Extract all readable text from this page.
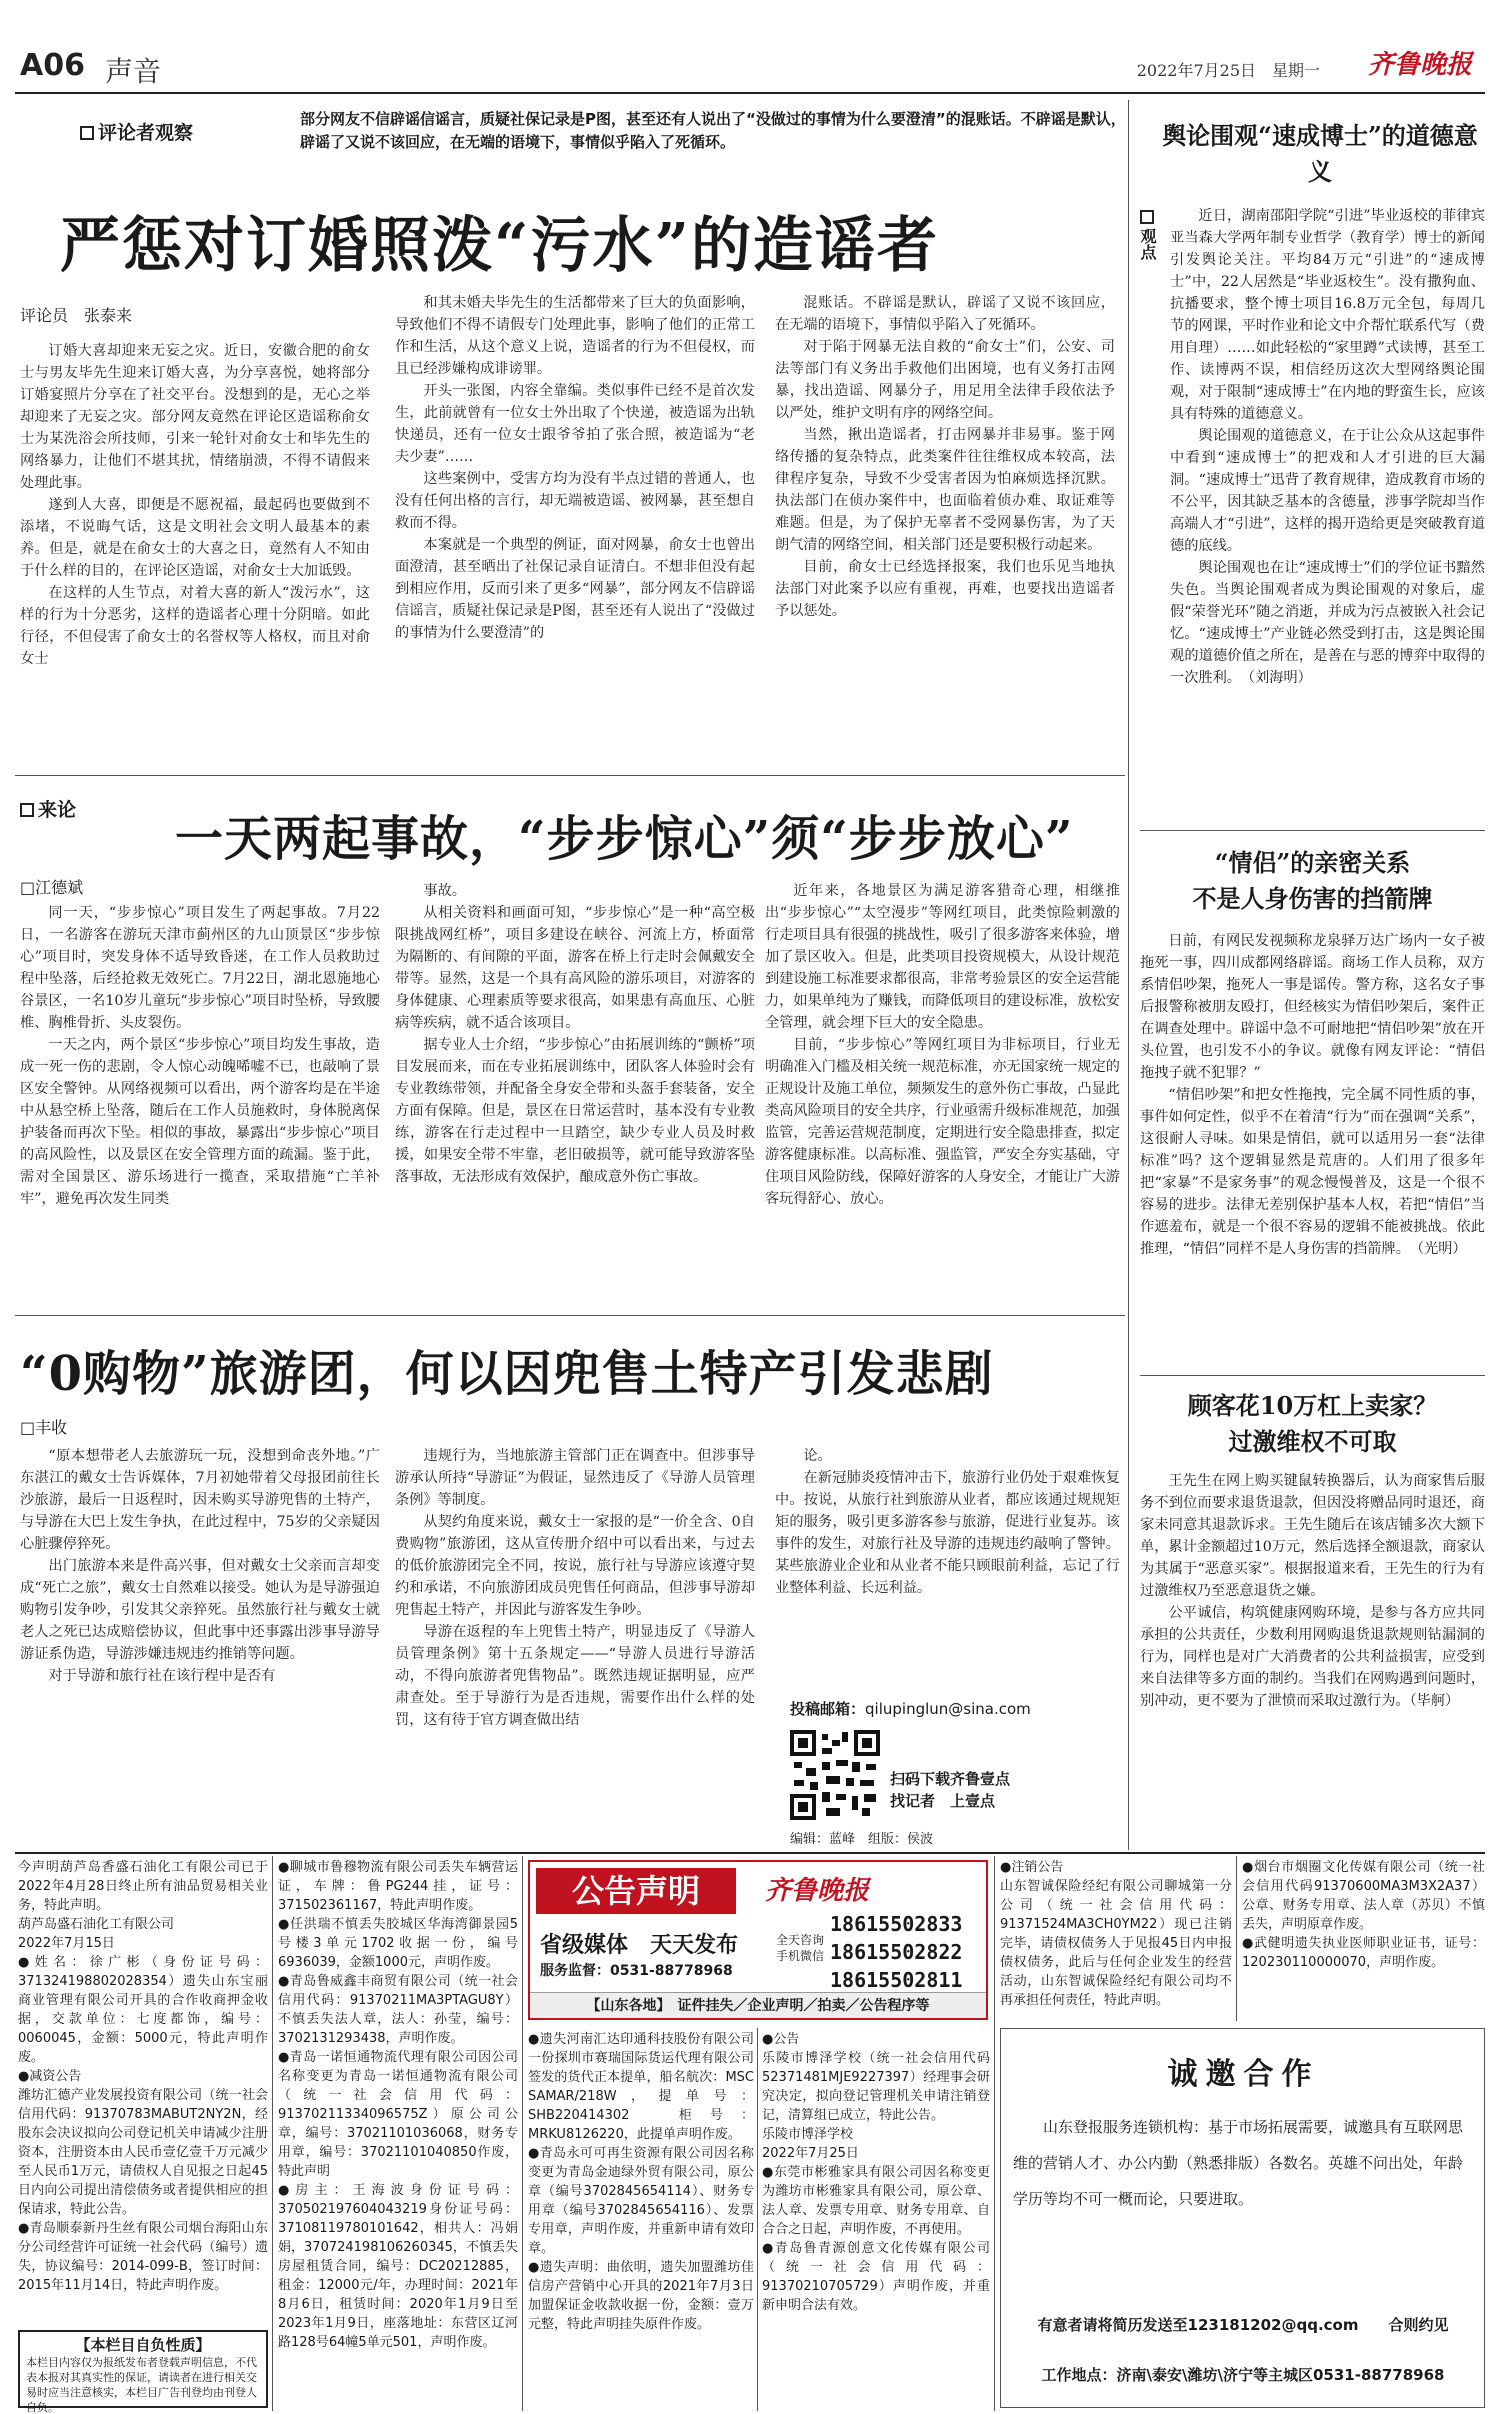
A06 声音	2022年7月25日　星期一 齐鲁晚报
评论者观察
部分网友不信辟谣信谣言，质疑社保记录是P图，甚至还有人说出了“没做过的事情为什么要澄清”的混账话。不辟谣是默认，辟谣了又说不该回应，在无端的语境下，事情似乎陷入了死循环。
严惩对订婚照泼“污水”的造谣者
评论员　张泰来

订婚大喜却迎来无妄之灾。近日，安徽合肥的俞女士与男友毕先生迎来订婚大喜，为分享喜悦，她将部分订婚宴照片分享在了社交平台。没想到的是，无心之举却迎来了无妄之灾。部分网友竟然在评论区造谣称俞女士为某洗浴会所技师，引来一轮针对俞女士和毕先生的网络暴力，让他们不堪其扰，情绪崩溃，不得不请假来处理此事。

遂到人大喜，即便是不愿祝福，最起码也要做到不添堵，不说晦气话，这是文明社会文明人最基本的素养。但是，就是在俞女士的大喜之日，竟然有人不知由于什么样的目的，在评论区造谣，对俞女士大加诋毁。

在这样的人生节点，对着大喜的新人“泼污水”，这样的行为十分恶劣，这样的造谣者心理十分阴暗。如此行径，不但侵害了俞女士的名誉权等人格权，而且对俞女士

和其未婚夫毕先生的生活都带来了巨大的负面影响，导致他们不得不请假专门处理此事，影响了他们的正常工作和生活，从这个意义上说，造谣者的行为不但侵权，而且已经涉嫌构成诽谤罪。

开头一张图，内容全靠编。类似事件已经不是首次发生，此前就曾有一位女士外出取了个快递，被造谣为出轨快递员，还有一位女士跟爷爷拍了张合照，被造谣为“老夫少妻”……

这些案例中，受害方均为没有半点过错的普通人，也没有任何出格的言行，却无端被造谣、被网暴，甚至想自救而不得。

本案就是一个典型的例证，面对网暴，俞女士也曾出面澄清，甚至晒出了社保记录自证清白。不想非但没有起到相应作用，反而引来了更多“网暴”，部分网友不信辟谣信谣言，质疑社保记录是P图，甚至还有人说出了“没做过的事情为什么要澄清”的

混账话。不辟谣是默认，辟谣了又说不该回应，在无端的语境下，事情似乎陷入了死循环。

对于陷于网暴无法自救的“俞女士”们，公安、司法等部门有义务出手救他们出困境，也有义务打击网暴，找出造谣、网暴分子，用足用全法律手段依法予以严处，维护文明有序的网络空间。

当然，揪出造谣者，打击网暴并非易事。鉴于网络传播的复杂特点，此类案件往往维权成本较高，法律程序复杂，导致不少受害者因为怕麻烦选择沉默。执法部门在侦办案件中，也面临着侦办难、取证难等难题。但是，为了保护无辜者不受网暴伤害，为了天朗气清的网络空间，相关部门还是要积极行动起来。

目前，俞女士已经选择报案，我们也乐见当地执法部门对此案予以应有重视，再难，也要找出造谣者予以惩处。

来论
一天两起事故，“步步惊心”须“步步放心”
□江德斌

同一天，“步步惊心”项目发生了两起事故。7月22日，一名游客在游玩天津市蓟州区的九山顶景区“步步惊心”项目时，突发身体不适导致昏迷，在工作人员救助过程中坠落，后经抢救无效死亡。7月22日，湖北恩施地心谷景区，一名10岁儿童玩“步步惊心”项目时坠桥，导致腰椎、胸椎骨折、头皮裂伤。

一天之内，两个景区“步步惊心”项目均发生事故，造成一死一伤的悲剧，令人惊心动魄唏嘘不已，也敲响了景区安全警钟。从网络视频可以看出，两个游客均是在半途中从悬空桥上坠落，随后在工作人员施救时，身体脱离保护装备而再次下坠。相似的事故，暴露出“步步惊心”项目的高风险性，以及景区在安全管理方面的疏漏。鉴于此，需对全国景区、游乐场进行一揽查，采取措施“亡羊补牢”，避免再次发生同类

事故。

从相关资料和画面可知，“步步惊心”是一种“高空极限挑战网红桥”，项目多建设在峡谷、河流上方，桥面常为隔断的、有间隙的平面，游客在桥上行走时会佩戴安全带等。显然，这是一个具有高风险的游乐项目，对游客的身体健康、心理素质等要求很高，如果患有高血压、心脏病等疾病，就不适合该项目。

据专业人士介绍，“步步惊心”由拓展训练的“颤桥”项目发展而来，而在专业拓展训练中，团队客人体验时会有专业教练带领，并配备全身安全带和头盔手套装备，安全方面有保障。但是，景区在日常运营时，基本没有专业教练，游客在行走过程中一旦踏空，缺少专业人员及时救援，如果安全带不牢靠，老旧破损等，就可能导致游客坠落事故，无法形成有效保护，酿成意外伤亡事故。

近年来，各地景区为满足游客猎奇心理，相继推出“步步惊心”“太空漫步”等网红项目，此类惊险刺激的行走项目具有很强的挑战性，吸引了很多游客来体验，增加了景区收入。但是，此类项目投资规模大，从设计规范到建设施工标准要求都很高，非常考验景区的安全运营能力，如果单纯为了赚钱，而降低项目的建设标准，放松安全管理，就会埋下巨大的安全隐患。

目前，“步步惊心”等网红项目为非标项目，行业无明确准入门槛及相关统一规范标准，亦无国家统一规定的正规设计及施工单位，频频发生的意外伤亡事故，凸显此类高风险项目的安全共序，行业亟需升级标准规范，加强监管，完善运营规范制度，定期进行安全隐患排查，拟定游客健康标准。以高标准、强监管，严安全夯实基础，守住项目风险防线，保障好游客的人身安全，才能让广大游客玩得舒心、放心。

“0购物”旅游团，何以因兜售土特产引发悲剧
□丰收

“原本想带老人去旅游玩一玩，没想到命丧外地。”广东湛江的戴女士告诉媒体，7月初她带着父母报团前往长沙旅游，最后一日返程时，因未购买导游兜售的土特产，与导游在大巴上发生争执，在此过程中，75岁的父亲疑因心脏骤停猝死。

出门旅游本来是件高兴事，但对戴女士父亲而言却变成“死亡之旅”，戴女士自然难以接受。她认为是导游强迫购物引发争吵，引发其父亲猝死。虽然旅行社与戴女士就老人之死已达成赔偿协议，但此事中还事露出涉事导游导游证系伪造，导游涉嫌违规违约推销等问题。

对于导游和旅行社在该行程中是否有

违规行为，当地旅游主管部门正在调查中。但涉事导游承认所持“导游证”为假证，显然违反了《导游人员管理条例》等制度。

从契约角度来说，戴女士一家报的是“一价全含、0自费购物”旅游团，这从宣传册介绍中可以看出来，与过去的低价旅游团完全不同，按说，旅行社与导游应该遵守契约和承诺，不向旅游团成员兜售任何商品，但涉事导游却兜售起土特产，并因此与游客发生争吵。

导游在返程的车上兜售土特产，明显违反了《导游人员管理条例》第十五条规定——“导游人员进行导游活动，不得向旅游者兜售物品”。既然违规证据明显，应严肃查处。至于导游行为是否违规，需要作出什么样的处罚，这有待于官方调查做出结

论。

在新冠肺炎疫情冲击下，旅游行业仍处于艰难恢复中。按说，从旅行社到旅游从业者，都应该通过规规矩矩的服务，吸引更多游客参与旅游，促进行业复苏。该事件的发生，对旅行社及导游的违规违约敲响了警钟。某些旅游业企业和从业者不能只顾眼前利益，忘记了行业整体利益、长远利益。

投稿邮箱：qilupinglun@sina.com
扫码下载齐鲁壹点
找记者　上壹点
编辑：蓝峰　组版：侯波
观点
舆论围观“速成博士”的道德意义

近日，湖南邵阳学院“引进”毕业返校的菲律宾亚当森大学两年制专业哲学（教育学）博士的新闻引发舆论关注。平均84万元“引进”的“速成博士”中，22人居然是“毕业返校生”。没有撒狗血、抗播要求，整个博士项目16.8万元全包，每周几节的网课，平时作业和论文中介帮忙联系代写（费用自理）……如此轻松的“家里蹲”式读博，甚至工作、读博两不误，相信经历这次大型网络舆论围观，对于限制“速成博士”在内地的野蛮生长，应该具有特殊的道德意义。

舆论围观的道德意义，在于让公众从这起事件中看到“速成博士”的把戏和人才引进的巨大漏洞。“速成博士”迅背了教育规律，造成教育市场的不公平，因其缺乏基本的含德量，涉事学院却当作高端人才“引进”，这样的揭开造给更是突破教育道德的底线。

舆论围观也在让“速成博士”们的学位证书黯然失色。当舆论围观者成为舆论围观的对象后，虚假“荣誉光环”随之消逝，并成为污点被嵌入社会记忆。“速成博士”产业链必然受到打击，这是舆论围观的道德价值之所在，是善在与恶的博弈中取得的一次胜利。　（刘海明）

“情侣”的亲密关系
不是人身伤害的挡箭牌

日前，有网民发视频称龙泉驿万达广场内一女子被拖死一事，四川成都网络辟谣。商场工作人员称，双方系情侣吵架，拖死人一事是谣传。警方称，这名女子事后报警称被朋友殴打，但经核实为情侣吵架后，案件正在调查处理中。辟谣中急不可耐地把“情侣吵架”放在开头位置，也引发不小的争议。就像有网友评论：“情侣拖拽子就不犯罪？”

“情侣吵架”和把女性拖拽，完全属不同性质的事，事件如何定性，似乎不在着清“行为”而在强调“关系”，这很耐人寻味。如果是情侣，就可以适用另一套“法律标准”吗？这个逻辑显然是荒唐的。人们用了很多年把“家暴”不是家务事”的观念慢慢普及，这是一个很不容易的进步。法律无差别保护基本人权，若把“情侣”当作遮羞布，就是一个很不容易的逻辑不能被挑战。依此推理，“情侣”同样不是人身伤害的挡箭牌。　（光明）

顾客花10万杠上卖家？
过激维权不可取

王先生在网上购买键鼠转换器后，认为商家售后服务不到位而要求退货退款，但因没将赠品同时退还，商家未同意其退款诉求。王先生随后在该店铺多次大额下单，累计金额超过10万元，然后选择全额退款，商家认为其属于“恶意买家”。根据报道来看，王先生的行为有过激维权乃至恶意退货之嫌。

公平诚信，构筑健康网购环境，是参与各方应共同承担的公共责任，少数利用网购退货退款规则钻漏洞的行为，同样也是对广大消费者的公共利益损害，应受到来自法律等多方面的制约。当我们在网购遇到问题时，别冲动，更不要为了泄愤而采取过激行为。（毕舸）

今声明葫芦岛香盛石油化工有限公司已于2022年4月28日终止所有油品贸易相关业务，特此声明。

葫芦岛盛石油化工有限公司
2022年7月15日

●姓名：徐广彬（身份证号码：371324198802028354）遗失山东宝丽商业管理有限公司开具的合作收商押金收据，交款单位：七度都饰，编号：0060045，金额：5000元，特此声明作废。

●减资公告

潍坊汇德产业发展投资有限公司（统一社会信用代码：91370783MABUT2NY2N，经股东会决议拟向公司登记机关申请减少注册资本，注册资本由人民币壹亿壹千万元减少至人民币1万元，请债权人自见报之日起45日内向公司提出清偿债务或者提供相应的担保请求，特此公告。

●青岛顺泰新丹生丝有限公司烟台海阳山东分公司经营许可证统一社会代码（编号）遗失，协议编号：2014-099-B，签订时间：2015年11月14日，特此声明作废。

【本栏目自负性质】
本栏目内容仅为报纸发布者登载声明信息，不代表本报对其真实性的保证，请读者在进行相关交易时应当注意核实，本栏目广告刊登均由刊登人自负。

●聊城市鲁穆物流有限公司丢失车辆营运证，车牌：鲁PG244挂，证号：371502361167，特此声明作废。

●任洪瑞不慎丢失胶城区华海湾御景园5号楼3单元1702收据一份，编号6936039，金额1000元，声明作废。

●青岛鲁威鑫丰商贸有限公司（统一社会信用代码：91370211MA3PTAGU8Y）不慎丢失法人章，法人：孙莹，编号：3702131293438，声明作废。

●青岛一诺恒通物流代理有限公司因公司名称变更为青岛一诺恒通物流有限公司（统一社会信用代码：91370211334096575Z）原公司公章，编号：37021101036068，财务专用章，编号：37021101040850作废，特此声明

●房主：王海波身份证号码：370502197604043219身份证号码：37108119780101642，相共人：冯娟娟，370724198106260345，不慎丢失房屋租赁合同，编号：DC20212885，租金：12000元/年，办理时间：2021年8月6日，租赁时间：2020年1月9日至2023年1月9日，座落地址：东营区辽河路128号64幢5单元501，声明作废。

公告声明	齐鲁晚报
省级媒体　天天发布
服务监督：0531-88778968
全天咨询
手机微信
18615502833
18615502822
18615502811
【山东各地】　证件挂失／企业声明／拍卖／公告程序等

●遗失河南汇达印通科技股份有限公司一份探圳市赛瑞国际货运代理有限公司签发的货代正本提单，船名航次：MSC SAMAR/218W，提单号：SHB220414302　柜号：MRKU8126220，此提单声明作废。

●青岛永可可再生资源有限公司因名称变更为青岛金迪绿外贸有限公司，原公章（编号3702845654114）、财务专用章（编号3702845654116）、发票专用章，声明作废，并重新申请有效印章。

●遗失声明：曲依明，遗失加盟潍坊佳信房产营销中心开具的2021年7月3日加盟保证金收款收据一份，金额：壹万元整，特此声明挂失原件作废。

●公告

乐陵市博泽学校（统一社会信用代码52371481MJE9227397）经理事会研究决定，拟向登记管理机关申请注销登记，清算组已成立，特此公告。

乐陵市博泽学校
2022年7月25日

●东莞市彬雅家具有限公司因名称变更为潍坊市彬雅家具有限公司，原公章、法人章、发票专用章、财务专用章、自合合之日起，声明作废，不再使用。

●青岛鲁青源创意文化传媒有限公司（统一社会信用代码：91370210705729）声明作废，并重新申明合法有效。

●注销公告

山东智诚保险经纪有限公司聊城第一分公司（统一社会信用代码：91371524MA3CH0YM22）现已注销完毕，请债权债务人于见报45日内申报债权债务，此后与任何企业发生的经营活动，山东智诚保险经纪有限公司均不再承担任何责任，特此声明。

●烟台市烟圈文化传媒有限公司（统一社会信用代码91370600MA3M3X2A37）公章、财务专用章、法人章（苏贝）不慎丢失，声明原章作废。

●武健明遗失执业医师职业证书，证号：120230110000070，声明作废。

诚邀合作
山东登报服务连锁机构：基于市场拓展需要，诚邀具有互联网思维的营销人才、办公内勤（熟悉排版）各数名。英雄不问出处，年龄学历等均不可一概而论，只要进取。
有意者请将简历发送至123181202@qq.com　　合则约见
工作地点：济南\泰安\潍坊\济宁等主城区0531-88778968
